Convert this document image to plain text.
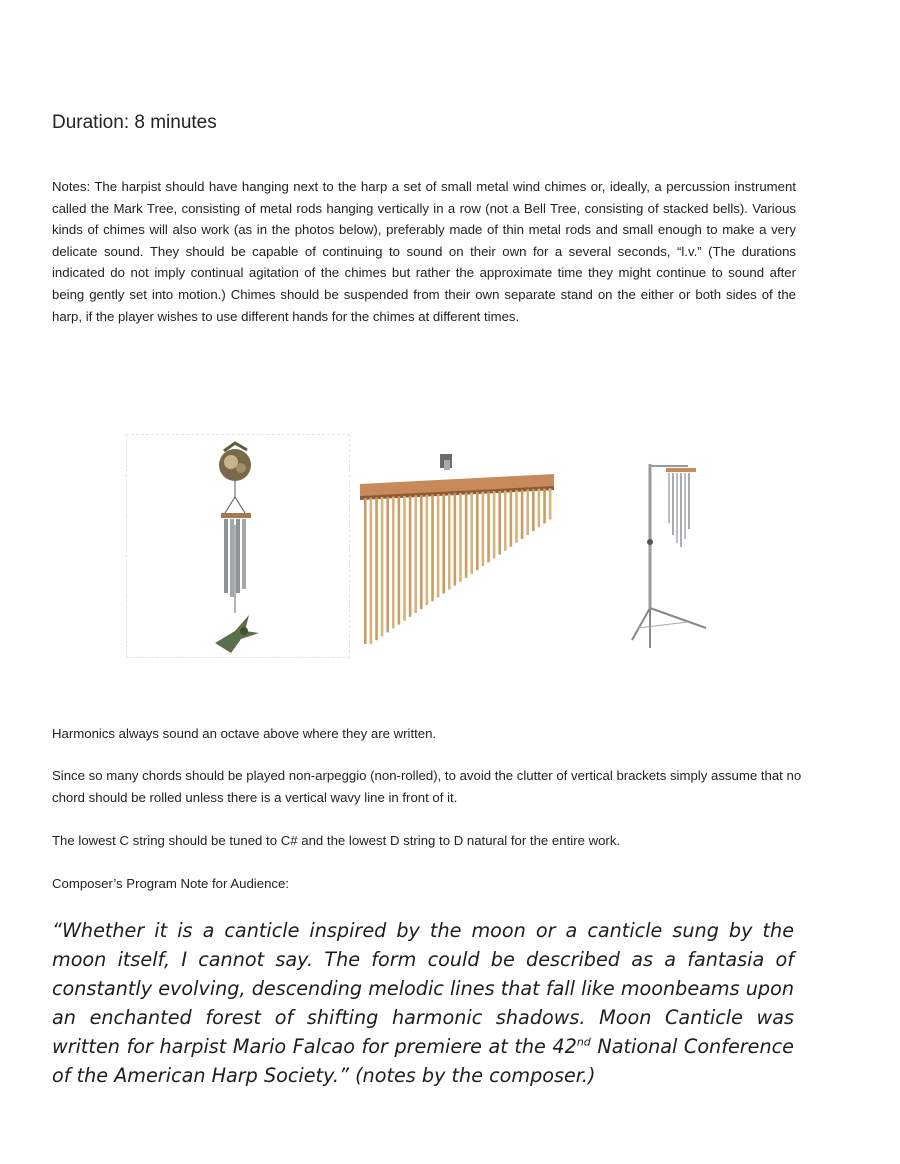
Duration: 8 minutes

Notes: The harpist should have hanging next to the harp a set of small metal wind chimes or, ideally, a percussion instrument called the Mark Tree, consisting of metal rods hanging vertically in a row (not a Bell Tree, consisting of stacked bells). Various kinds of chimes will also work (as in the photos below), preferably made of thin metal rods and small enough to make a very delicate sound. They should be capable of continuing to sound on their own for a several seconds, “l.v.” (The durations indicated do not imply continual agitation of the chimes but rather the approximate time they might continue to sound after being gently set into motion.) Chimes should be suspended from their own separate stand on the either or both sides of the harp, if the player wishes to use different hands for the chimes at different times.

Harmonics always sound an octave above where they are written.

Since so many chords should be played non-arpeggio (non-rolled), to avoid the clutter of vertical brackets simply assume that no chord should be rolled unless there is a vertical wavy line in front of it.

The lowest C string should be tuned to C# and the lowest D string to D natural for the entire work.

Composer’s Program Note for Audience:

“Whether it is a canticle inspired by the moon or a canticle sung by the moon itself, I cannot say. The form could be described as a fantasia of constantly evolving, descending melodic lines that fall like moonbeams upon an enchanted forest of shifting harmonic shadows. Moon Canticle was written for harpist Mario Falcao for premiere at the 42nd National Conference of the American Harp Society.” (notes by the composer.)
